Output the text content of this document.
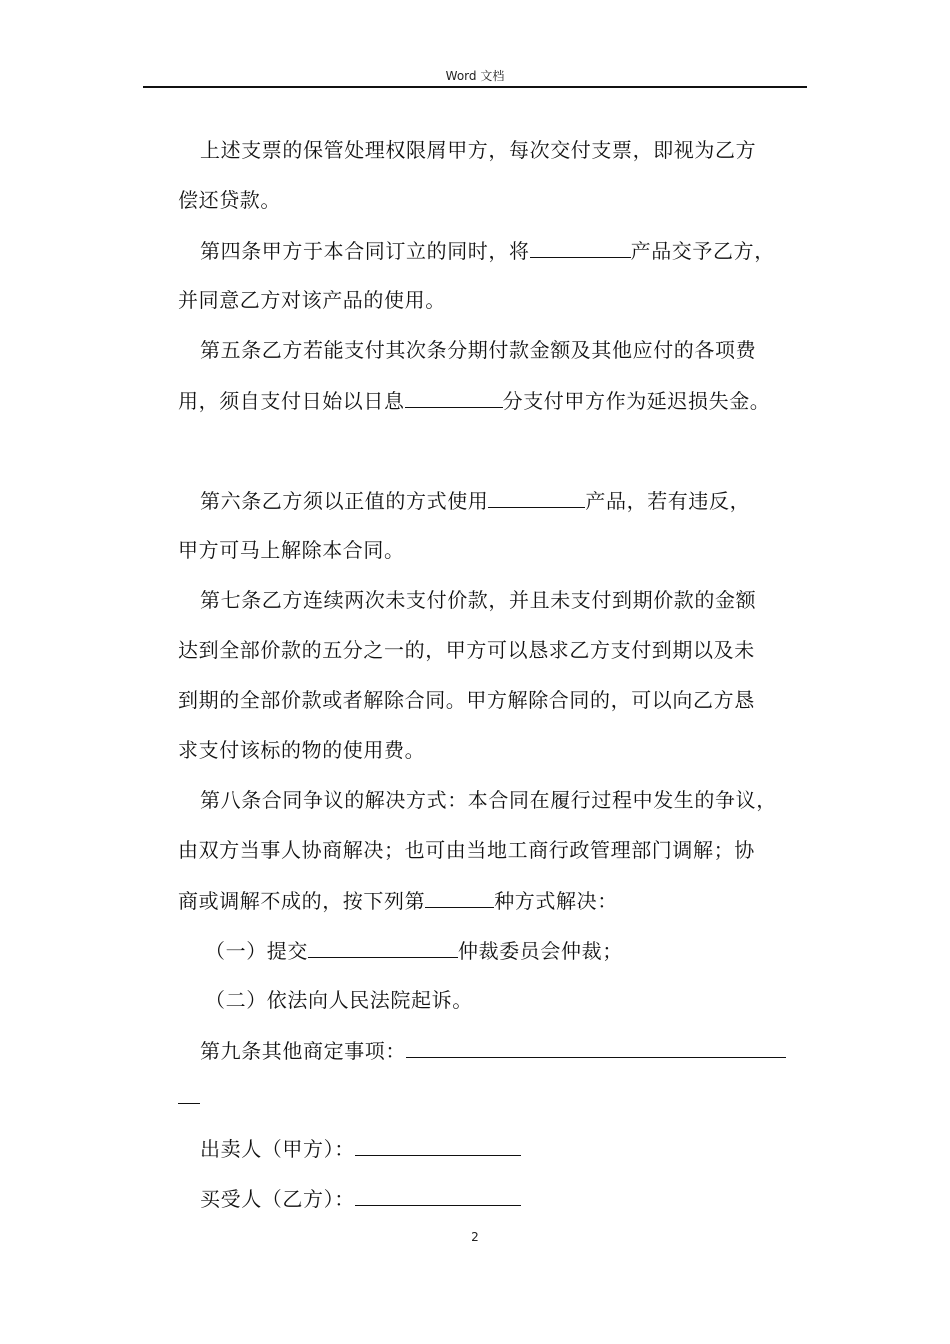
Word 文档
上述支票的保管处理权限屑甲方，每次交付支票，即视为乙方
偿还贷款。
第四条甲方于本合同订立的同时，将	产品交予乙方，
并同意乙方对该产品的使用。
第五条乙方若能支付其次条分期付款金额及其他应付的各项费
用，须自支付日始以日息	分支付甲方作为延迟损失金。
第六条乙方须以正值的方式使用	产品，若有违反，
甲方可马上解除本合同。
第七条乙方连续两次未支付价款，并且未支付到期价款的金额
达到全部价款的五分之一的，甲方可以恳求乙方支付到期以及未
到期的全部价款或者解除合同。甲方解除合同的，可以向乙方恳
求支付该标的物的使用费。
第八条合同争议的解决方式：本合同在履行过程中发生的争议，
由双方当事人协商解决；也可由当地工商行政管理部门调解；协
商或调解不成的，按下列第	种方式解决：
（一）提交	仲裁委员会仲裁；
（二）依法向人民法院起诉。
第九条其他商定事项：
出卖人（甲方）：
买受人（乙方）：
2
